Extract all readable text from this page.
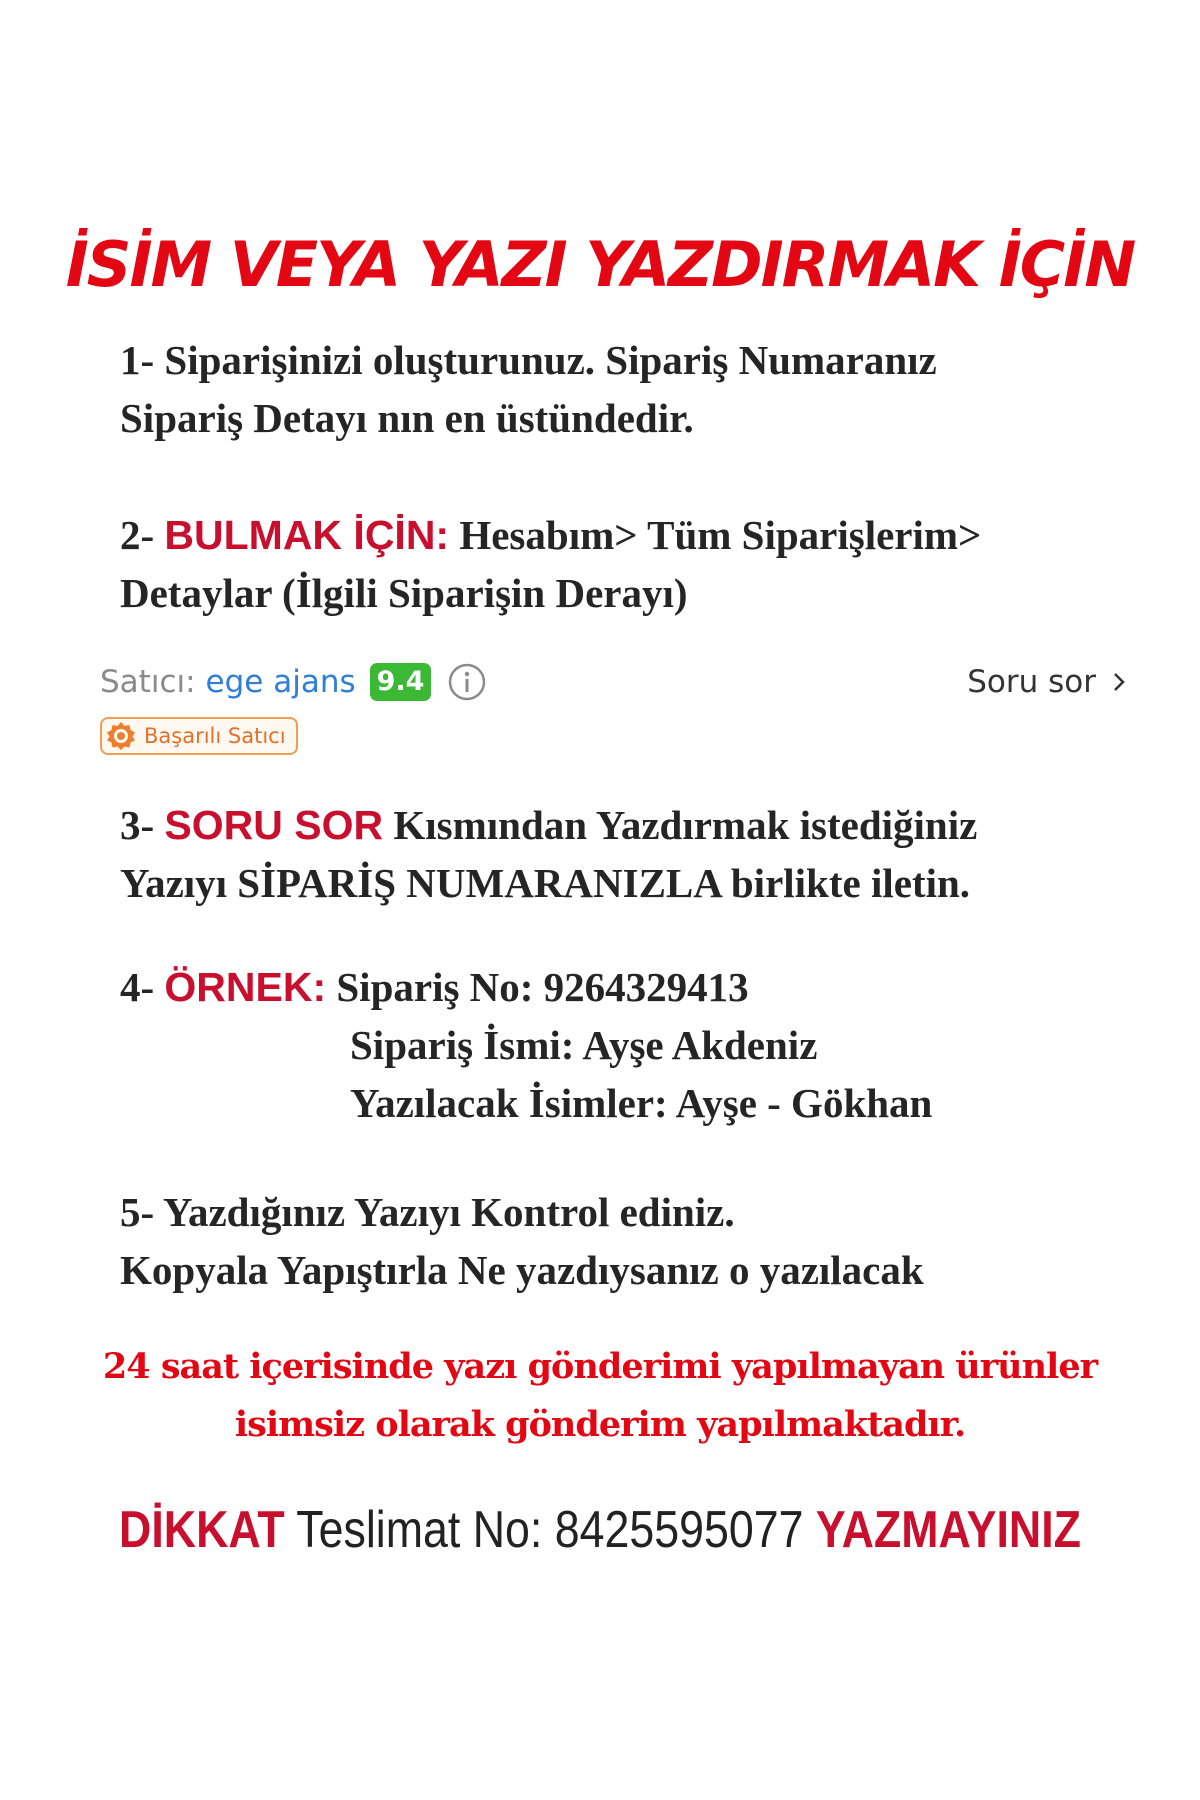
İSİM VEYA YAZI YAZDIRMAK İÇİN
1- Siparişinizi oluşturunuz. Sipariş Numaranız
Sipariş Detayı nın en üstündedir.
2- BULMAK İÇİN: Hesabım> Tüm Siparişlerim>
Detaylar (İlgili Siparişin Derayı)
Satıcı: ege ajans 9.4	Soru sor
Başarılı Satıcı
3- SORU SOR Kısmından Yazdırmak istediğiniz
Yazıyı SİPARİŞ NUMARANIZLA birlikte iletin.
4- ÖRNEK: Sipariş No: 9264329413
Sipariş İsmi: Ayşe Akdeniz
Yazılacak İsimler: Ayşe - Gökhan
5- Yazdığınız Yazıyı Kontrol ediniz.
Kopyala Yapıştırla Ne yazdıysanız o yazılacak
24 saat içerisinde yazı gönderimi yapılmayan ürünler
isimsiz olarak gönderim yapılmaktadır.
DİKKAT Teslimat No: 8425595077 YAZMAYINIZ
